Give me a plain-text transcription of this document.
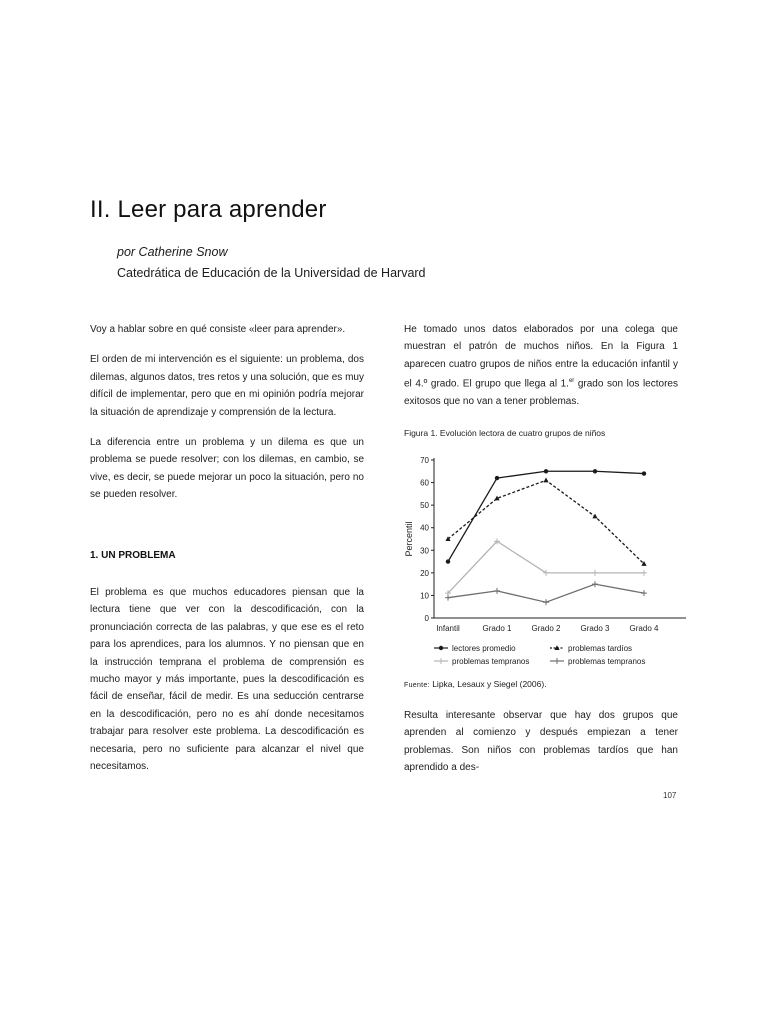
II. Leer para aprender
por Catherine Snow
Catedrática de Educación de la Universidad de Harvard

Voy a hablar sobre en qué consiste «leer para aprender».

El orden de mi intervención es el siguiente: un problema, dos dilemas, algunos datos, tres retos y una solución, que es muy difícil de implementar, pero que en mi opinión podría mejorar la situación de aprendizaje y comprensión de la lectura.

La diferencia entre un problema y un dilema es que un problema se puede resolver; con los dilemas, en cambio, se vive, es decir, se puede mejorar un poco la situación, pero no se pueden resolver.

1. UN PROBLEMA

El problema es que muchos educadores piensan que la lectura tiene que ver con la descodificación, con la pronunciación correcta de las palabras, y que ese es el reto para los aprendices, para los alumnos. Y no piensan que en la instrucción temprana el problema de comprensión es mucho mayor y más importante, pues la descodificación es fácil de enseñar, fácil de medir. Es una seducción centrarse en la descodificación, pero no es ahí donde necesitamos trabajar para resolver este problema. La descodificación es necesaria, pero no suficiente para alcanzar el nivel que necesitamos.

He tomado unos datos elaborados por una colega que muestran el patrón de muchos niños. En la Figura 1 aparecen cuatro grupos de niños entre la educación infantil y el 4.º grado. El grupo que llega al 1.$^{er}$ grado son los lectores exitosos que no van a tener problemas.

Figura 1. Evolución lectora de cuatro grupos de niños
0
10
20
30
40
50
60
70
Infantil	Grado 1	Grado 2	Grado 3	Grado 4
Percentil
lectores promedio	problemas tardíos
problemas tempranos	problemas tempranos
Fuente: Lipka, Lesaux y Siegel (2006).

Resulta interesante observar que hay dos grupos que aprenden al comienzo y después empiezan a tener problemas. Son niños con problemas tardíos que han aprendido a des-

107
